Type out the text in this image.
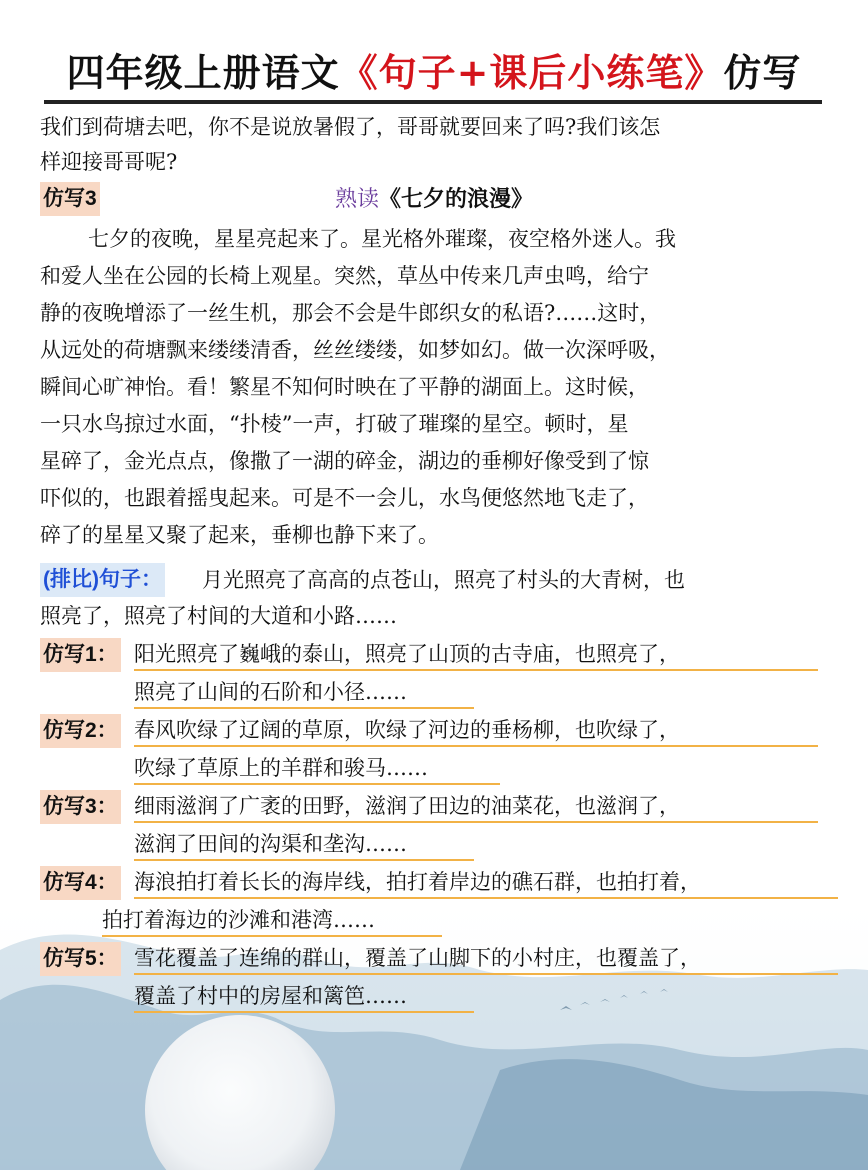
四年级上册语文《句子+课后小练笔》仿写
我们到荷塘去吧，你不是说放暑假了，哥哥就要回来了吗?我们该怎
样迎接哥哥呢?
仿写3	熟读《七夕的浪漫》
七夕的夜晚，星星亮起来了。星光格外璀璨，夜空格外迷人。我
和爱人坐在公园的长椅上观星。突然，草丛中传来几声虫鸣，给宁
静的夜晚增添了一丝生机，那会不会是牛郎织女的私语?……这时，
从远处的荷塘飘来缕缕清香，丝丝缕缕，如梦如幻。做一次深呼吸，
瞬间心旷神怡。看！繁星不知何时映在了平静的湖面上。这时候，
一只水鸟掠过水面，“扑棱”一声，打破了璀璨的星空。顿时，星
星碎了，金光点点，像撒了一湖的碎金，湖边的垂柳好像受到了惊
吓似的，也跟着摇曳起来。可是不一会儿，水鸟便悠然地飞走了，
碎了的星星又聚了起来，垂柳也静下来了。
(排比)句子： 月光照亮了高高的点苍山，照亮了村头的大青树，也
照亮了，照亮了村间的大道和小路……
仿写1： 阳光照亮了巍峨的泰山，照亮了山顶的古寺庙，也照亮了，
照亮了山间的石阶和小径……
仿写2： 春风吹绿了辽阔的草原，吹绿了河边的垂杨柳，也吹绿了，
吹绿了草原上的羊群和骏马……
仿写3： 细雨滋润了广袤的田野，滋润了田边的油菜花，也滋润了，
滋润了田间的沟渠和垄沟……
仿写4： 海浪拍打着长长的海岸线，拍打着岸边的礁石群，也拍打着，
拍打着海边的沙滩和港湾……
仿写5： 雪花覆盖了连绵的群山，覆盖了山脚下的小村庄，也覆盖了，
覆盖了村中的房屋和篱笆……
